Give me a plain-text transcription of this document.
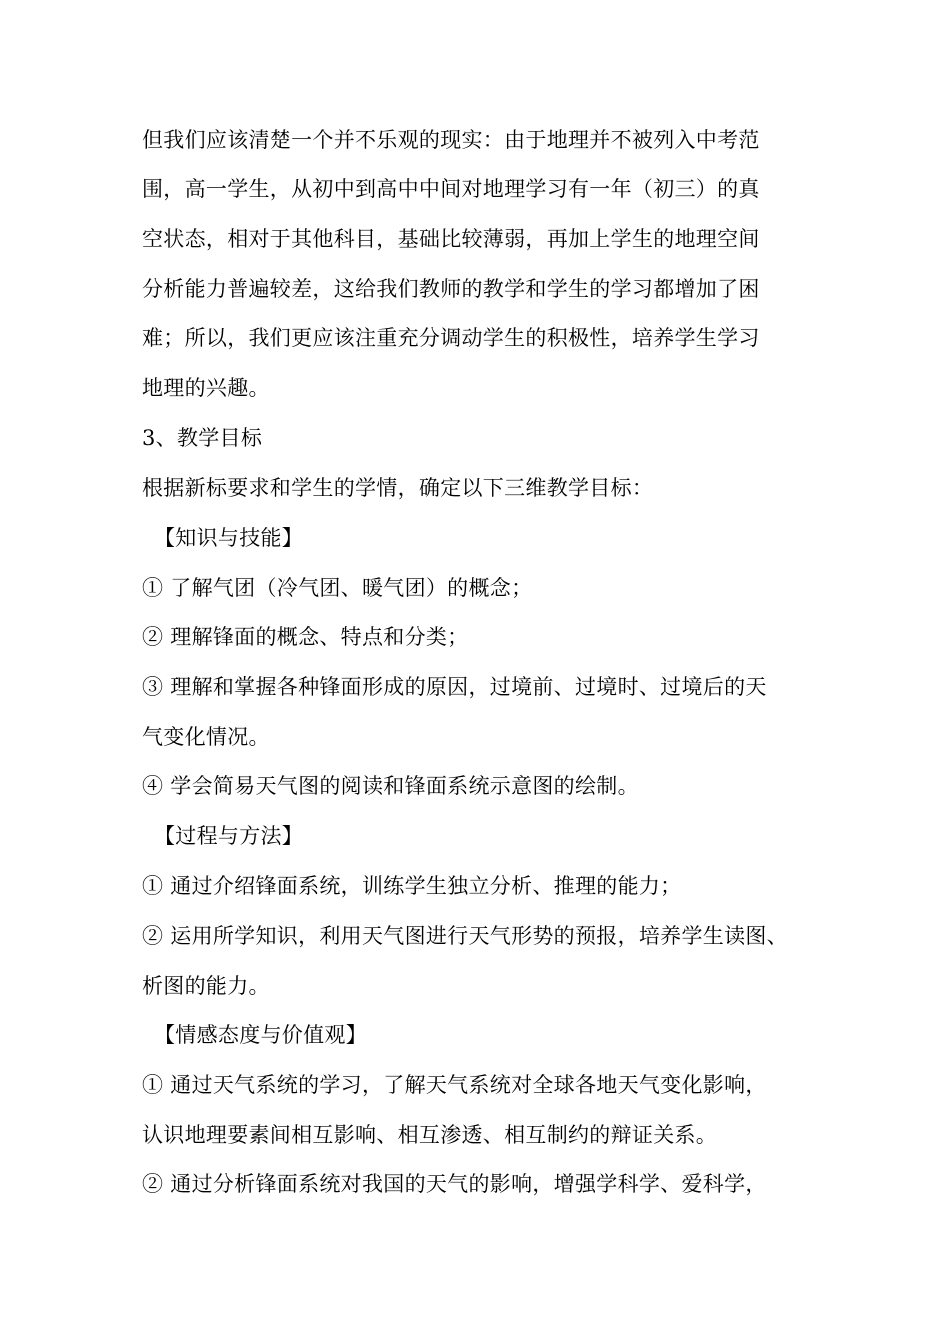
但我们应该清楚一个并不乐观的现实：由于地理并不被列入中考范
围，高一学生，从初中到高中中间对地理学习有一年（初三）的真
空状态，相对于其他科目，基础比较薄弱，再加上学生的地理空间
分析能力普遍较差，这给我们教师的教学和学生的学习都增加了困
难；所以，我们更应该注重充分调动学生的积极性，培养学生学习
地理的兴趣。
3、教学目标
根据新标要求和学生的学情，确定以下三维教学目标：
【知识与技能】
① 了解气团（冷气团、暖气团）的概念；
② 理解锋面的概念、特点和分类；
③ 理解和掌握各种锋面形成的原因，过境前、过境时、过境后的天
气变化情况。
④ 学会简易天气图的阅读和锋面系统示意图的绘制。
【过程与方法】
① 通过介绍锋面系统，训练学生独立分析、推理的能力；
② 运用所学知识，利用天气图进行天气形势的预报，培养学生读图、
析图的能力。
【情感态度与价值观】
① 通过天气系统的学习，了解天气系统对全球各地天气变化影响，
认识地理要素间相互影响、相互渗透、相互制约的辩证关系。
② 通过分析锋面系统对我国的天气的影响，增强学科学、爱科学，
